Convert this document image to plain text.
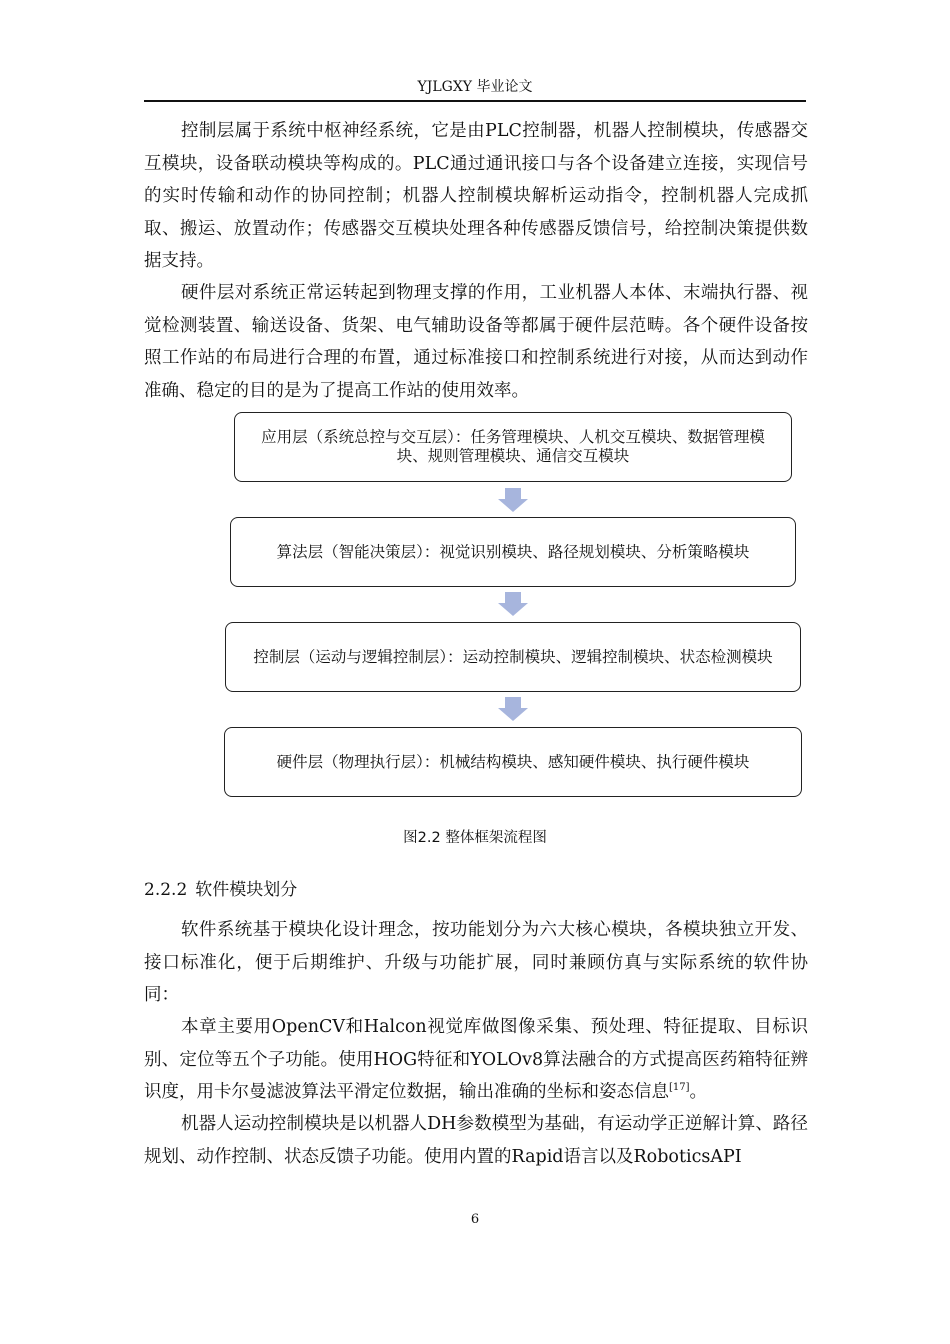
YJLGXY 毕业论文

控制层属于系统中枢神经系统，它是由PLC控制器，机器人控制模块，传感器交互模块，设备联动模块等构成的。PLC通过通讯接口与各个设备建立连接，实现信号的实时传输和动作的协同控制；机器人控制模块解析运动指令，控制机器人完成抓取、搬运、放置动作；传感器交互模块处理各种传感器反馈信号，给控制决策提供数据支持。

硬件层对系统正常运转起到物理支撑的作用，工业机器人本体、末端执行器、视觉检测装置、输送设备、货架、电气辅助设备等都属于硬件层范畴。各个硬件设备按照工作站的布局进行合理的布置，通过标准接口和控制系统进行对接，从而达到动作准确、稳定的目的是为了提高工作站的使用效率。

应用层（系统总控与交互层）：任务管理模块、人机交互模块、数据管理模块、规则管理模块、通信交互模块
算法层（智能决策层）：视觉识别模块、路径规划模块、分析策略模块
控制层（运动与逻辑控制层）：运动控制模块、逻辑控制模块、状态检测模块
硬件层（物理执行层）：机械结构模块、感知硬件模块、执行硬件模块
图2.2 整体框架流程图
2.2.2 软件模块划分

软件系统基于模块化设计理念，按功能划分为六大核心模块，各模块独立开发、接口标准化，便于后期维护、升级与功能扩展，同时兼顾仿真与实际系统的软件协同：

本章主要用OpenCV和Halcon视觉库做图像采集、预处理、特征提取、目标识别、定位等五个子功能。使用HOG特征和YOLOv8算法融合的方式提高医药箱特征辨识度，用卡尔曼滤波算法平滑定位数据，输出准确的坐标和姿态信息[17]。

机器人运动控制模块是以机器人DH参数模型为基础，有运动学正逆解计算、路径规划、动作控制、状态反馈子功能。使用内置的Rapid语言以及RoboticsAPI

6
